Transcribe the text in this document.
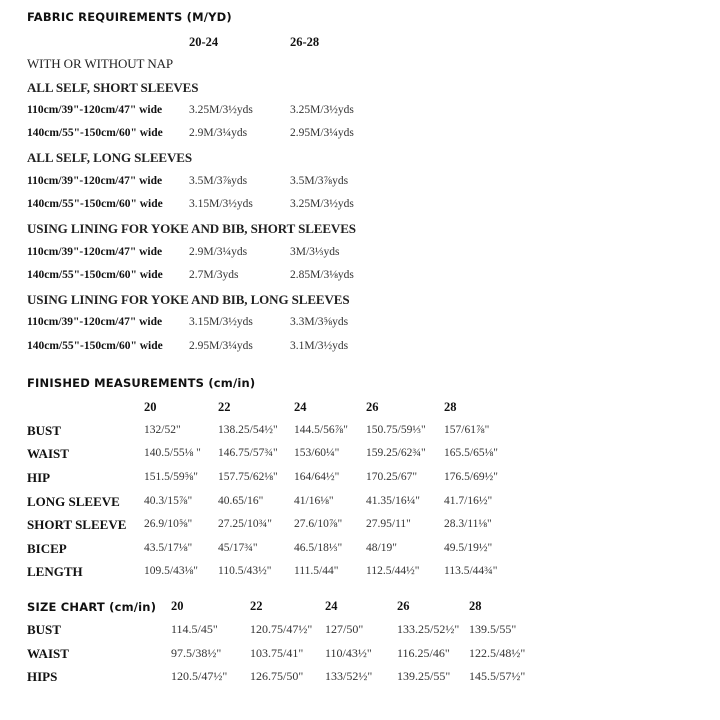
FABRIC REQUIREMENTS (M/YD)
20-24	26-28
WITH OR WITHOUT NAP
ALL SELF, SHORT SLEEVES
110cm/39"-120cm/47" wide 3.25M/3½yds	3.25M/3½yds
140cm/55"-150cm/60" wide 2.9M/3¼yds	2.95M/3¼yds
ALL SELF, LONG SLEEVES
110cm/39"-120cm/47" wide 3.5M/3⅞yds	3.5M/3⅞yds
140cm/55"-150cm/60" wide 3.15M/3½yds	3.25M/3½yds
USING LINING FOR YOKE AND BIB, SHORT SLEEVES
110cm/39"-120cm/47" wide 2.9M/3¼yds	3M/3⅓yds
140cm/55"-150cm/60" wide 2.7M/3yds	2.85M/3⅛yds
USING LINING FOR YOKE AND BIB, LONG SLEEVES
110cm/39"-120cm/47" wide 3.15M/3½yds	3.3M/3⅝yds
140cm/55"-150cm/60" wide 2.95M/3¼yds	3.1M/3½yds
FINISHED MEASUREMENTS (cm/in)
20	22	24	26	28
BUST	132/52"	138.25/54½" 144.5/56⅞" 150.75/59⅓" 157/61⅞"
WAIST	140.5/55⅛ " 146.75/57¾" 153/60¼" 159.25/62¾" 165.5/65⅛"
HIP	151.5/59⅝" 157.75/62⅛" 164/64½" 170.25/67" 176.5/69½"
LONG SLEEVE 40.3/15⅞" 40.65/16"	41/16⅛"	41.35/16¼" 41.7/16½"
SHORT SLEEVE 26.9/10⅝" 27.25/10¾" 27.6/10⅞" 27.95/11"	28.3/11⅛"
BICEP	43.5/17⅛" 45/17¾"	46.5/18⅓" 48/19"	49.5/19½"
LENGTH	109.5/43⅛" 110.5/43½" 111.5/44" 112.5/44½" 113.5/44¾"
SIZE CHART (cm/in) 20	22	24	26	28
BUST	114.5/45"	120.75/47½" 127/50"	133.25/52½" 139.5/55"
WAIST	97.5/38½" 103.75/41" 110/43½" 116.25/46" 122.5/48½"
HIPS	120.5/47½" 126.75/50" 133/52½" 139.25/55" 145.5/57½"
